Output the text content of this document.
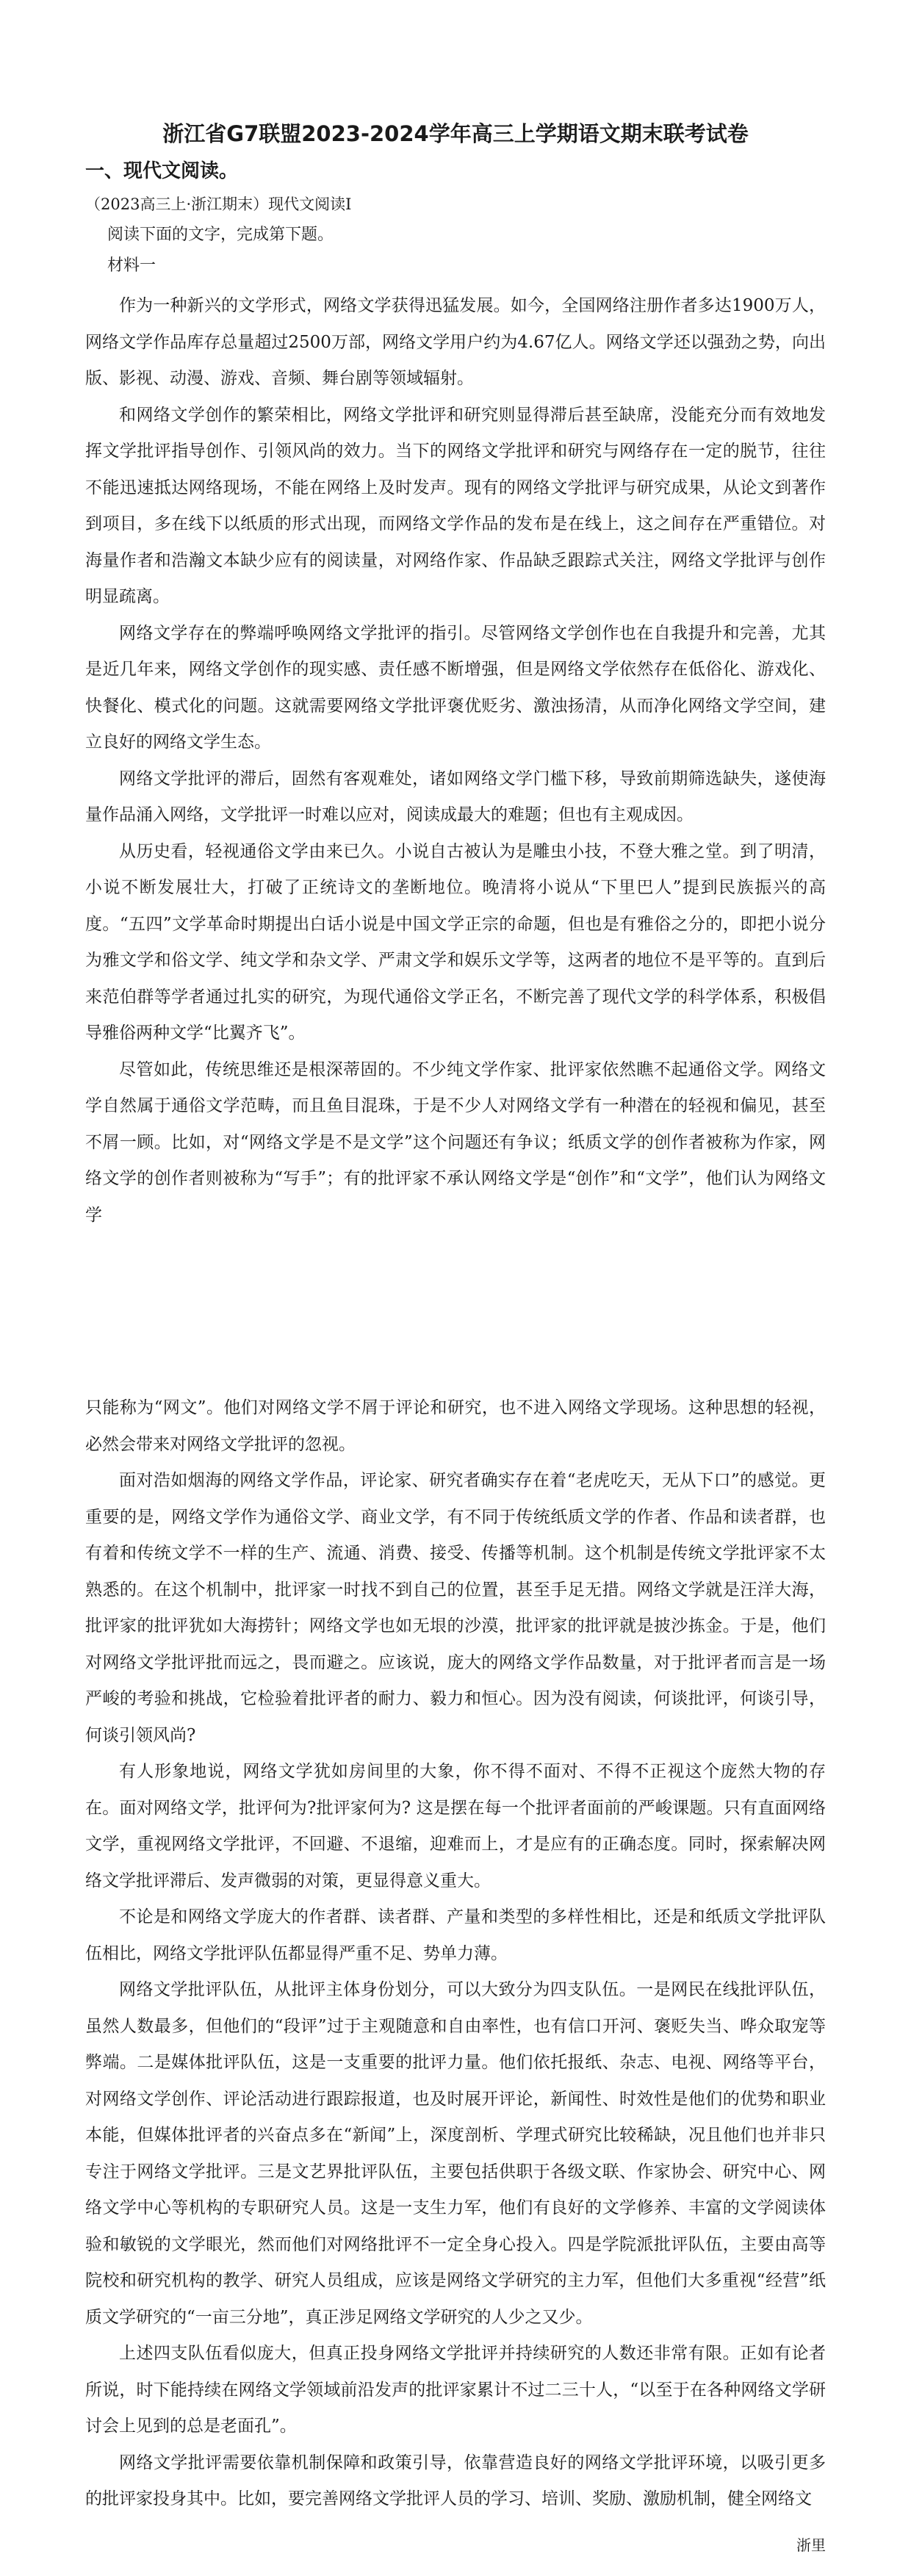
浙江省G7联盟2023-2024学年高三上学期语文期末联考试卷
一、现代文阅读。
（2023高三上·浙江期末）现代文阅读I
阅读下面的文字，完成第下题。
材料一

作为一种新兴的文学形式，网络文学获得迅猛发展。如今，全国网络注册作者多达1900万人，网络文学作品库存总量超过2500万部，网络文学用户约为4.67亿人。网络文学还以强劲之势，向出版、影视、动漫、游戏、音频、舞台剧等领域辐射。

和网络文学创作的繁荣相比，网络文学批评和研究则显得滞后甚至缺席，没能充分而有效地发挥文学批评指导创作、引领风尚的效力。当下的网络文学批评和研究与网络存在一定的脱节，往往不能迅速抵达网络现场，不能在网络上及时发声。现有的网络文学批评与研究成果，从论文到著作到项目，多在线下以纸质的形式出现，而网络文学作品的发布是在线上，这之间存在严重错位。对海量作者和浩瀚文本缺少应有的阅读量，对网络作家、作品缺乏跟踪式关注，网络文学批评与创作明显疏离。

网络文学存在的弊端呼唤网络文学批评的指引。尽管网络文学创作也在自我提升和完善，尤其是近几年来，网络文学创作的现实感、责任感不断增强，但是网络文学依然存在低俗化、游戏化、快餐化、模式化的问题。这就需要网络文学批评褒优贬劣、激浊扬清，从而净化网络文学空间，建立良好的网络文学生态。

网络文学批评的滞后，固然有客观难处，诸如网络文学门槛下移，导致前期筛选缺失，遂使海量作品涌入网络，文学批评一时难以应对，阅读成最大的难题；但也有主观成因。

从历史看，轻视通俗文学由来已久。小说自古被认为是雕虫小技，不登大雅之堂。到了明清，小说不断发展壮大，打破了正统诗文的垄断地位。晚清将小说从“下里巴人”提到民族振兴的高度。“五四”文学革命时期提出白话小说是中国文学正宗的命题，但也是有雅俗之分的，即把小说分为雅文学和俗文学、纯文学和杂文学、严肃文学和娱乐文学等，这两者的地位不是平等的。直到后来范伯群等学者通过扎实的研究，为现代通俗文学正名，不断完善了现代文学的科学体系，积极倡导雅俗两种文学“比翼齐飞”。

尽管如此，传统思维还是根深蒂固的。不少纯文学作家、批评家依然瞧不起通俗文学。网络文学自然属于通俗文学范畴，而且鱼目混珠，于是不少人对网络文学有一种潜在的轻视和偏见，甚至不屑一顾。比如，对“网络文学是不是文学”这个问题还有争议；纸质文学的创作者被称为作家，网络文学的创作者则被称为“写手”；有的批评家不承认网络文学是“创作”和“文学”，他们认为网络文学

只能称为“网文”。他们对网络文学不屑于评论和研究，也不进入网络文学现场。这种思想的轻视，必然会带来对网络文学批评的忽视。

面对浩如烟海的网络文学作品，评论家、研究者确实存在着“老虎吃天，无从下口”的感觉。更重要的是，网络文学作为通俗文学、商业文学，有不同于传统纸质文学的作者、作品和读者群，也有着和传统文学不一样的生产、流通、消费、接受、传播等机制。这个机制是传统文学批评家不太熟悉的。在这个机制中，批评家一时找不到自己的位置，甚至手足无措。网络文学就是汪洋大海，批评家的批评犹如大海捞针；网络文学也如无垠的沙漠，批评家的批评就是披沙拣金。于是，他们对网络文学批评批而远之，畏而避之。应该说，庞大的网络文学作品数量，对于批评者而言是一场严峻的考验和挑战，它检验着批评者的耐力、毅力和恒心。因为没有阅读，何谈批评，何谈引导，何谈引领风尚?

有人形象地说，网络文学犹如房间里的大象，你不得不面对、不得不正视这个庞然大物的存在。面对网络文学，批评何为?批评家何为? 这是摆在每一个批评者面前的严峻课题。只有直面网络文学，重视网络文学批评，不回避、不退缩，迎难而上，才是应有的正确态度。同时，探索解决网络文学批评滞后、发声微弱的对策，更显得意义重大。

不论是和网络文学庞大的作者群、读者群、产量和类型的多样性相比，还是和纸质文学批评队伍相比，网络文学批评队伍都显得严重不足、势单力薄。

网络文学批评队伍，从批评主体身份划分，可以大致分为四支队伍。一是网民在线批评队伍，虽然人数最多，但他们的“段评”过于主观随意和自由率性，也有信口开河、褒贬失当、哗众取宠等弊端。二是媒体批评队伍，这是一支重要的批评力量。他们依托报纸、杂志、电视、网络等平台，对网络文学创作、评论活动进行跟踪报道，也及时展开评论，新闻性、时效性是他们的优势和职业本能，但媒体批评者的兴奋点多在“新闻”上，深度剖析、学理式研究比较稀缺，况且他们也并非只专注于网络文学批评。三是文艺界批评队伍，主要包括供职于各级文联、作家协会、研究中心、网络文学中心等机构的专职研究人员。这是一支生力军，他们有良好的文学修养、丰富的文学阅读体验和敏锐的文学眼光，然而他们对网络批评不一定全身心投入。四是学院派批评队伍，主要由高等院校和研究机构的教学、研究人员组成，应该是网络文学研究的主力军，但他们大多重视“经营”纸质文学研究的“一亩三分地”，真正涉足网络文学研究的人少之又少。

上述四支队伍看似庞大，但真正投身网络文学批评并持续研究的人数还非常有限。正如有论者所说，时下能持续在网络文学领域前沿发声的批评家累计不过二三十人，“以至于在各种网络文学研讨会上见到的总是老面孔”。

网络文学批评需要依靠机制保障和政策引导，依靠营造良好的网络文学批评环境，以吸引更多的批评家投身其中。比如，要完善网络文学批评人员的学习、培训、奖励、激励机制，健全网络文

浙里
